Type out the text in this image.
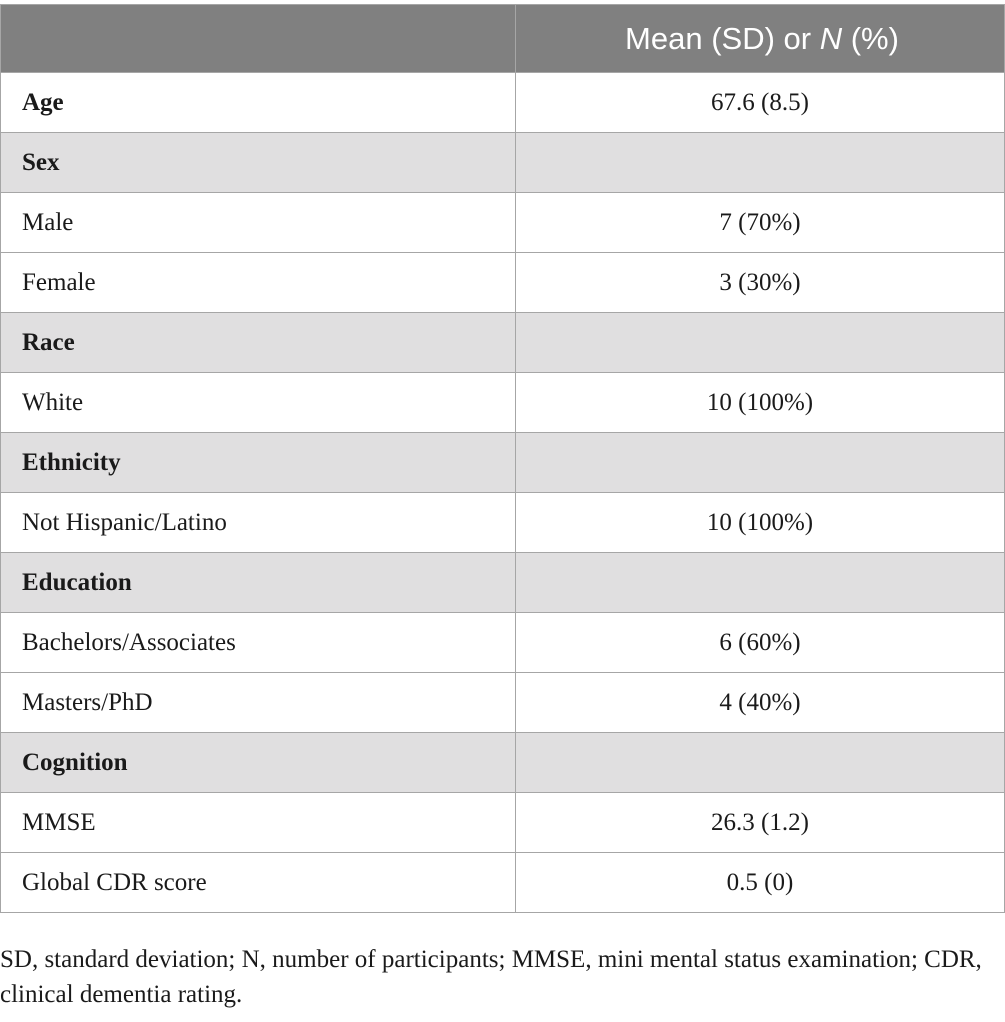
	Mean (SD) or N (%)
Age	67.6 (8.5)
Sex	
Male	7 (70%)
Female	3 (30%)
Race	
White	10 (100%)
Ethnicity	
Not Hispanic/Latino	10 (100%)
Education	
Bachelors/Associates	6 (60%)
Masters/PhD	4 (40%)
Cognition	
MMSE	26.3 (1.2)
Global CDR score	0.5 (0)
SD, standard deviation; N, number of participants; MMSE, mini mental status examination; CDR, clinical dementia rating.
